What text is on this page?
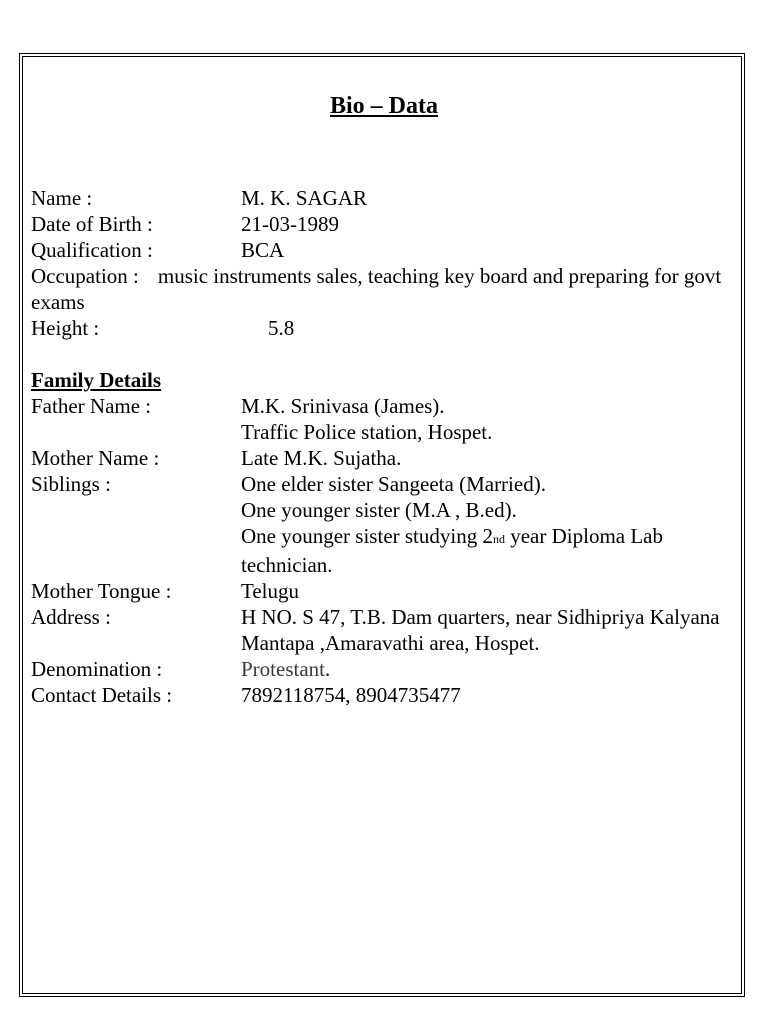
Bio – Data
Name :	M. K. SAGAR
Date of Birth :	21-03-1989
Qualification :	BCA
Occupation : music instruments sales, teaching key board and preparing for govt exams
Height :	5.8
Family Details
Father Name :	M.K. Srinivasa (James).
Traffic Police station, Hospet.
Mother Name :	Late M.K. Sujatha.
Siblings :	One elder sister Sangeeta (Married).
One younger sister (M.A , B.ed).
One younger sister studying 2nd year Diploma Lab technician.
Mother Tongue :	Telugu
Address :	H NO. S 47, T.B. Dam quarters, near Sidhipriya Kalyana Mantapa ,Amaravathi area, Hospet.
Denomination :	Protestant.
Contact Details :	7892118754, 8904735477
